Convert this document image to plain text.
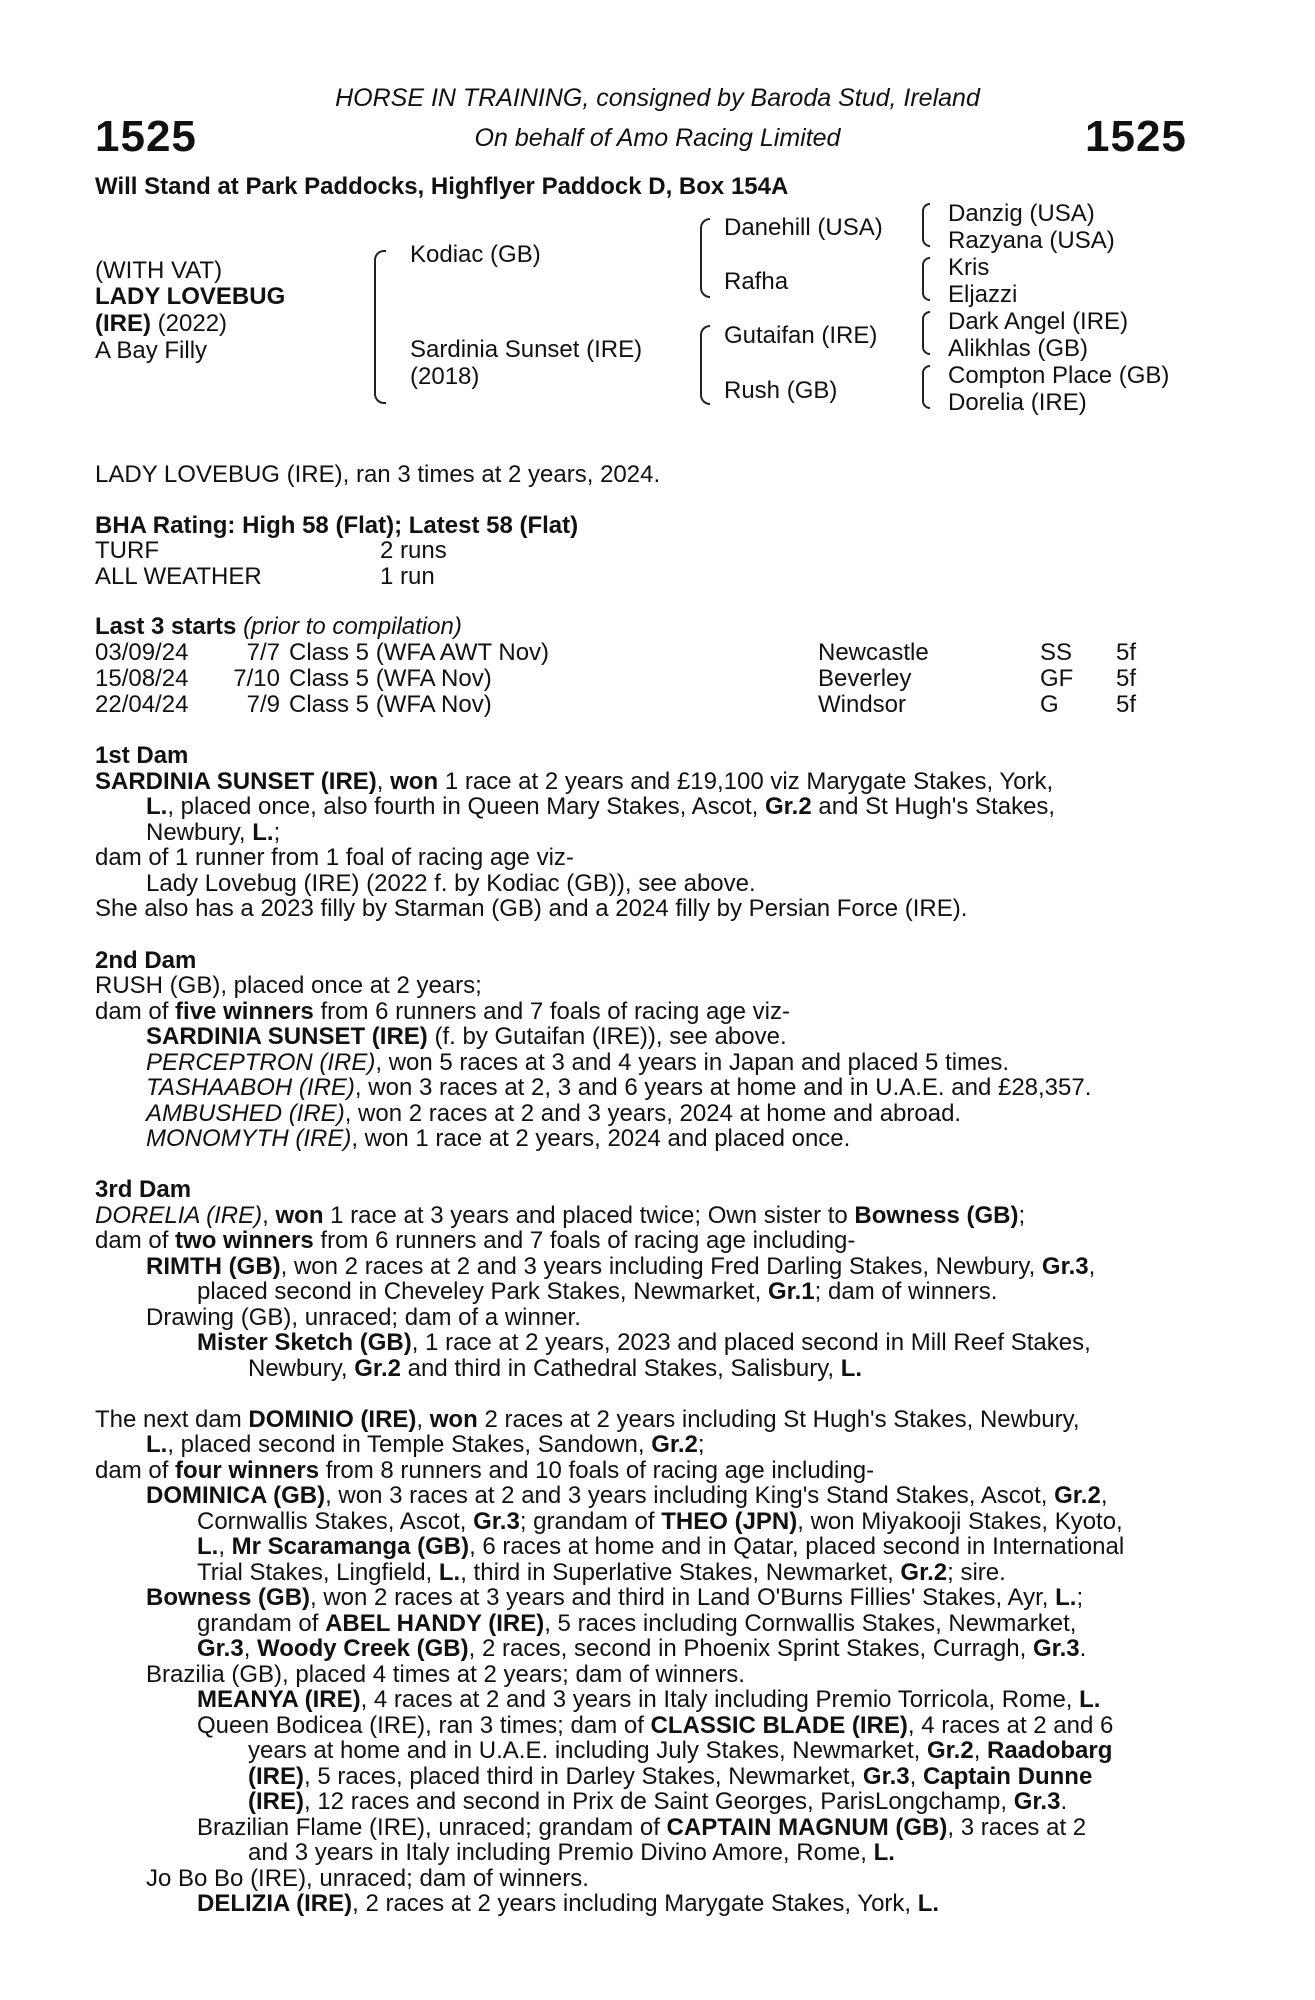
HORSE IN TRAINING, consigned by Baroda Stud, Ireland
On behalf of Amo Racing Limited
1525	1525
Will Stand at Park Paddocks, Highflyer Paddock D, Box 154A
(WITH VAT)
LADY LOVEBUG
(IRE) (2022)
A Bay Filly
Kodiac (GB)
Sardinia Sunset (IRE)
(2018)
Danehill (USA)
Rafha
Gutaifan (IRE)
Rush (GB)
Danzig (USA)
Razyana (USA)
Kris
Eljazzi
Dark Angel (IRE)
Alikhlas (GB)
Compton Place (GB)
Dorelia (IRE)
LADY LOVEBUG (IRE), ran 3 times at 2 years, 2024.
BHA Rating: High 58 (Flat); Latest 58 (Flat)
TURF	2 runs
ALL WEATHER	1 run
Last 3 starts (prior to compilation)
03/09/24	7/7 Class 5 (WFA AWT Nov)	Newcastle	SS 5f
15/08/24	7/10 Class 5 (WFA Nov)	Beverley	GF 5f
22/04/24	7/9 Class 5 (WFA Nov)	Windsor	G 5f
1st Dam
SARDINIA SUNSET (IRE), won 1 race at 2 years and £19,100 viz Marygate Stakes, York,
L., placed once, also fourth in Queen Mary Stakes, Ascot, Gr.2 and St Hugh's Stakes,
Newbury, L.;
dam of 1 runner from 1 foal of racing age viz-
Lady Lovebug (IRE) (2022 f. by Kodiac (GB)), see above.
She also has a 2023 filly by Starman (GB) and a 2024 filly by Persian Force (IRE).
2nd Dam
RUSH (GB), placed once at 2 years;
dam of five winners from 6 runners and 7 foals of racing age viz-
SARDINIA SUNSET (IRE) (f. by Gutaifan (IRE)), see above.
PERCEPTRON (IRE), won 5 races at 3 and 4 years in Japan and placed 5 times.
TASHAABOH (IRE), won 3 races at 2, 3 and 6 years at home and in U.A.E. and £28,357.
AMBUSHED (IRE), won 2 races at 2 and 3 years, 2024 at home and abroad.
MONOMYTH (IRE), won 1 race at 2 years, 2024 and placed once.
3rd Dam
DORELIA (IRE), won 1 race at 3 years and placed twice; Own sister to Bowness (GB);
dam of two winners from 6 runners and 7 foals of racing age including-
RIMTH (GB), won 2 races at 2 and 3 years including Fred Darling Stakes, Newbury, Gr.3,
placed second in Cheveley Park Stakes, Newmarket, Gr.1; dam of winners.
Drawing (GB), unraced; dam of a winner.
Mister Sketch (GB), 1 race at 2 years, 2023 and placed second in Mill Reef Stakes,
Newbury, Gr.2 and third in Cathedral Stakes, Salisbury, L.
The next dam DOMINIO (IRE), won 2 races at 2 years including St Hugh's Stakes, Newbury,
L., placed second in Temple Stakes, Sandown, Gr.2;
dam of four winners from 8 runners and 10 foals of racing age including-
DOMINICA (GB), won 3 races at 2 and 3 years including King's Stand Stakes, Ascot, Gr.2,
Cornwallis Stakes, Ascot, Gr.3; grandam of THEO (JPN), won Miyakooji Stakes, Kyoto,
L., Mr Scaramanga (GB), 6 races at home and in Qatar, placed second in International
Trial Stakes, Lingfield, L., third in Superlative Stakes, Newmarket, Gr.2; sire.
Bowness (GB), won 2 races at 3 years and third in Land O'Burns Fillies' Stakes, Ayr, L.;
grandam of ABEL HANDY (IRE), 5 races including Cornwallis Stakes, Newmarket,
Gr.3, Woody Creek (GB), 2 races, second in Phoenix Sprint Stakes, Curragh, Gr.3.
Brazilia (GB), placed 4 times at 2 years; dam of winners.
MEANYA (IRE), 4 races at 2 and 3 years in Italy including Premio Torricola, Rome, L.
Queen Bodicea (IRE), ran 3 times; dam of CLASSIC BLADE (IRE), 4 races at 2 and 6
years at home and in U.A.E. including July Stakes, Newmarket, Gr.2, Raadobarg
(IRE), 5 races, placed third in Darley Stakes, Newmarket, Gr.3, Captain Dunne
(IRE), 12 races and second in Prix de Saint Georges, ParisLongchamp, Gr.3.
Brazilian Flame (IRE), unraced; grandam of CAPTAIN MAGNUM (GB), 3 races at 2
and 3 years in Italy including Premio Divino Amore, Rome, L.
Jo Bo Bo (IRE), unraced; dam of winners.
DELIZIA (IRE), 2 races at 2 years including Marygate Stakes, York, L.
